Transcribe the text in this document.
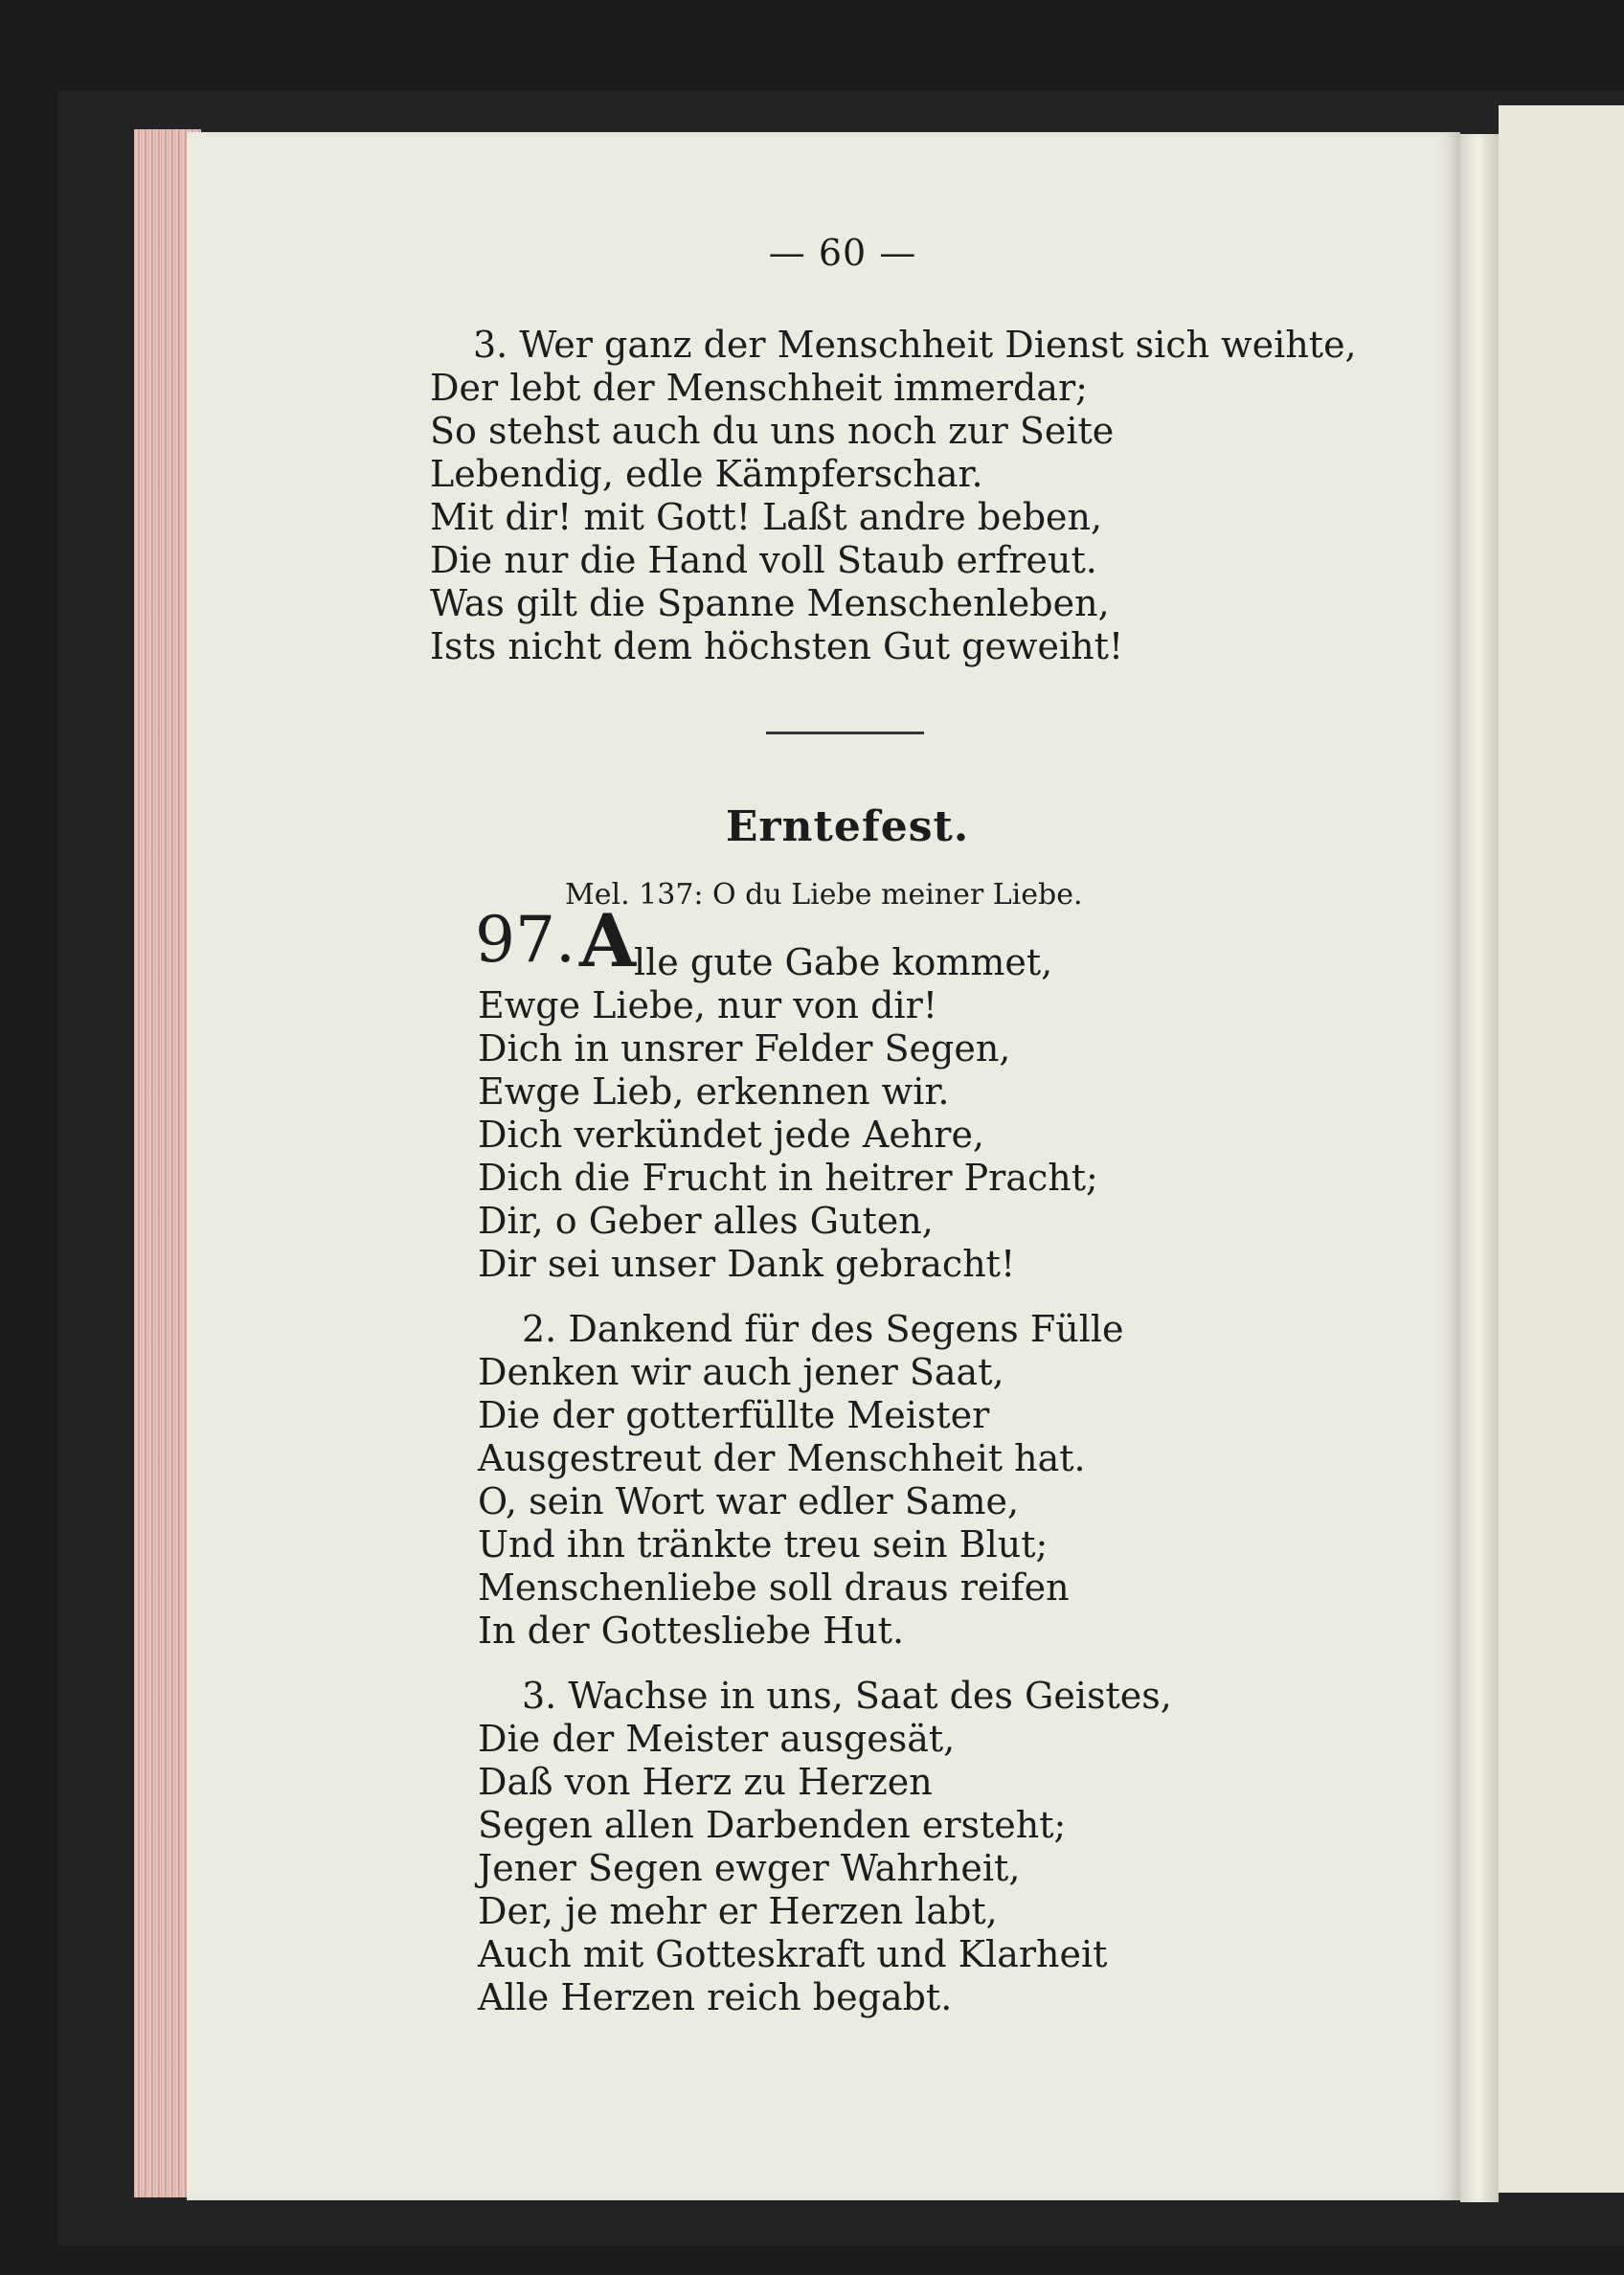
— 60 —
3. Wer ganz der Menschheit Dienst sich weihte,
Der lebt der Menschheit immerdar;
So stehst auch du uns noch zur Seite
Lebendig, edle Kämpferschar.
Mit dir! mit Gott! Laßt andre beben,
Die nur die Hand voll Staub erfreut.
Was gilt die Spanne Menschenleben,
Ists nicht dem höchsten Gut geweiht!
Erntefest.
Mel. 137: O du Liebe meiner Liebe.
97. A
lle gute Gabe kommet,
Ewge Liebe, nur von dir!
Dich in unsrer Felder Segen,
Ewge Lieb, erkennen wir.
Dich verkündet jede Aehre,
Dich die Frucht in heitrer Pracht;
Dir, o Geber alles Guten,
Dir sei unser Dank gebracht!
2. Dankend für des Segens Fülle
Denken wir auch jener Saat,
Die der gotterfüllte Meister
Ausgestreut der Menschheit hat.
O, sein Wort war edler Same,
Und ihn tränkte treu sein Blut;
Menschenliebe soll draus reifen
In der Gottesliebe Hut.
3. Wachse in uns, Saat des Geistes,
Die der Meister ausgesät,
Daß von Herz zu Herzen
Segen allen Darbenden ersteht;
Jener Segen ewger Wahrheit,
Der, je mehr er Herzen labt,
Auch mit Gotteskraft und Klarheit
Alle Herzen reich begabt.
